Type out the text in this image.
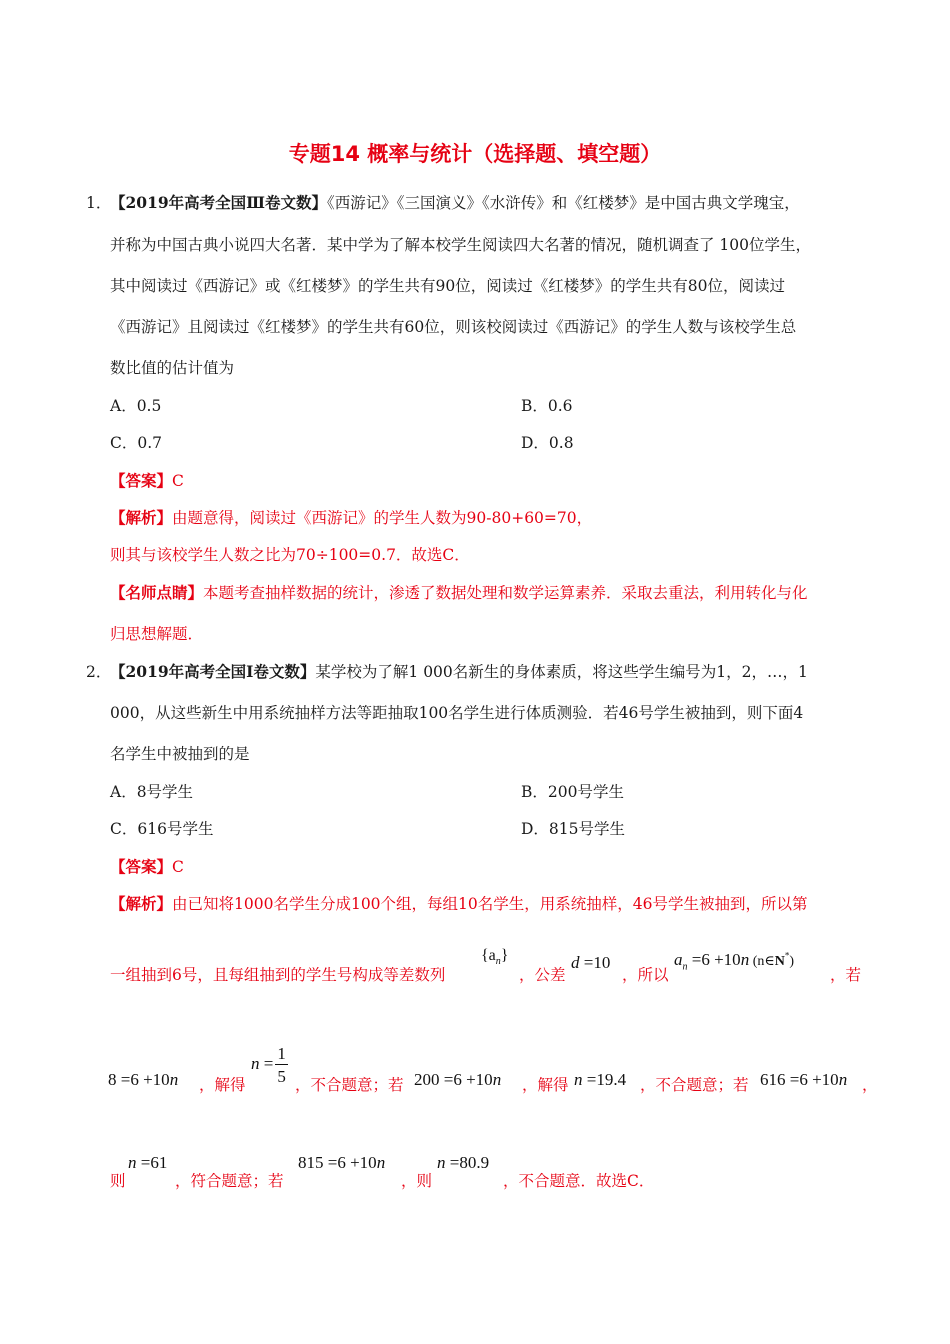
专题14 概率与统计（选择题、填空题）
1．
【2019年高考全国Ⅲ卷文数】《西游记》《三国演义》《水浒传》和《红楼梦》是中国古典文学瑰宝，
并称为中国古典小说四大名著．某中学为了解本校学生阅读四大名著的情况，随机调查了 100位学生，
其中阅读过《西游记》或《红楼梦》的学生共有90位，阅读过《红楼梦》的学生共有80位，阅读过
《西游记》且阅读过《红楼梦》的学生共有60位，则该校阅读过《西游记》的学生人数与该校学生总
数比值的估计值为
A．0.5	B．0.6
C．0.7	D．0.8
【答案】C
【解析】由题意得，阅读过《西游记》的学生人数为90-80+60=70，
则其与该校学生人数之比为70÷100=0.7．故选C．
【名师点睛】本题考查抽样数据的统计，渗透了数据处理和数学运算素养．采取去重法，利用转化与化
归思想解题．
2．
【2019年高考全国Ⅰ卷文数】某学校为了解1 000名新生的身体素质，将这些学生编号为1，2，…，1
000，从这些新生中用系统抽样方法等距抽取100名学生进行体质测验．若46号学生被抽到，则下面4
名学生中被抽到的是
A．8号学生	B．200号学生
C．616号学生	D．815号学生
【答案】C
【解析】由已知将1000名学生分成100个组，每组10名学生，用系统抽样，46号学生被抽到，所以第
一组抽到6号，且每组抽到的学生号构成等差数列
$\{a_n\}$
，公差
d =10
，所以
$a_n =6 +10n$ (n∈N*)
，若
8 =6 +10n ，解得
$n = \frac{1}{5}$ ，不合题意；若 200 =6 +10n ，解得 n =19.4 ，不合题意；若 616 =6 +10n ，
则
n =61
，符合题意；若
815 =6 +10n
，则
n =80.9
，不合题意．故选C．
